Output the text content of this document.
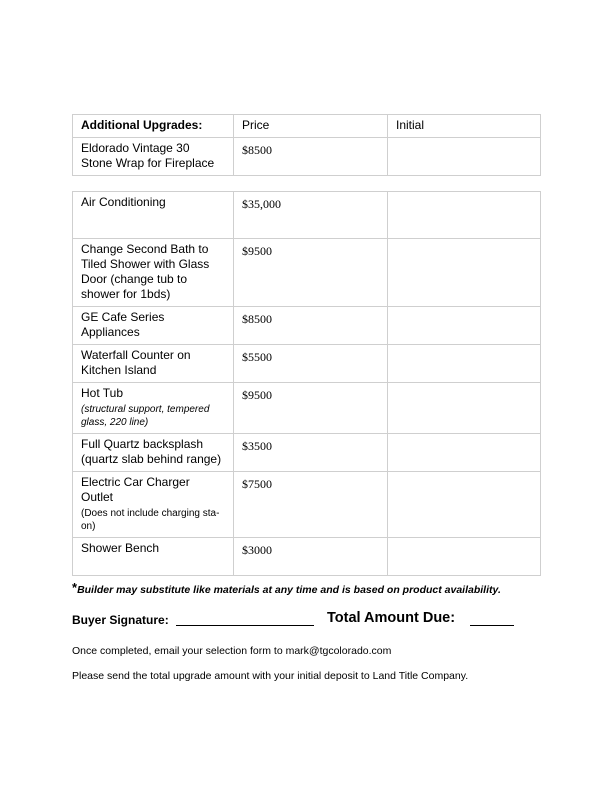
Additional Upgrades:	Price	Initial
Eldorado Vintage 30
Stone Wrap for Fireplace	$8500	
Air Conditioning	$35,000	
Change Second Bath to Tiled Shower with Glass Door (change tub to shower for 1bds)	$9500	
GE Cafe Series Appliances	$8500	
Waterfall Counter on Kitchen Island	$5500	
Hot Tub
(structural support, tempered glass, 220 line)	$9500	
Full Quartz backsplash (quartz slab behind range)	$3500	
Electric Car Charger Outlet
(Does not include charging sta-on)	$7500	
Shower Bench	$3000	
*Builder may substitute like materials at any time and is based on product availability.
Buyer Signature:	Total Amount Due:
Once completed, email your selection form to mark@tgcolorado.com
Please send the total upgrade amount with your initial deposit to Land Title Company.
